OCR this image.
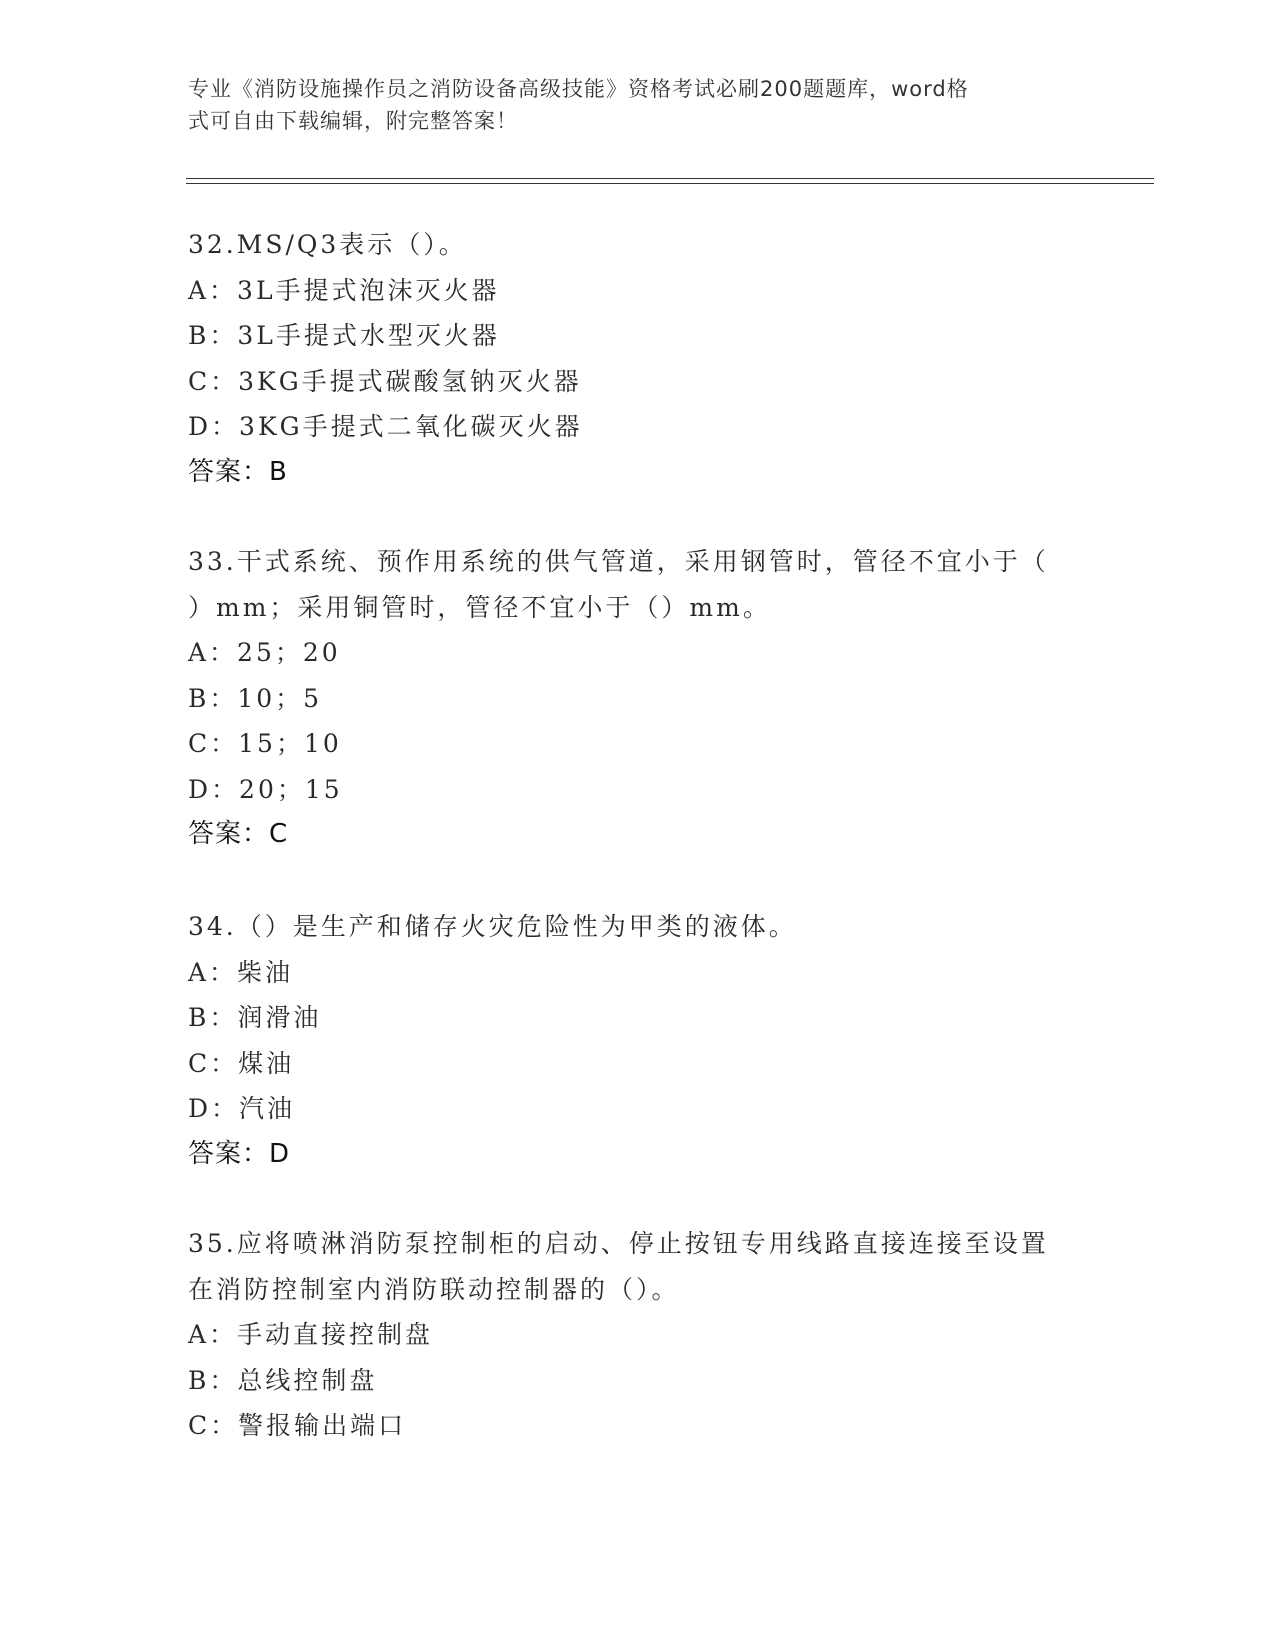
专业《消防设施操作员之消防设备高级技能》资格考试必刷200题题库，word格

式可自由下载编辑，附完整答案！

32.MS/Q3表示（）。

A：3L手提式泡沫灭火器

B：3L手提式水型灭火器

C：3KG手提式碳酸氢钠灭火器

D：3KG手提式二氧化碳灭火器

答案：B

33.干式系统、预作用系统的供气管道，采用钢管时，管径不宜小于（

）mm；采用铜管时，管径不宜小于（）mm。

A：25；20

B：10；5

C：15；10

D：20；15

答案：C

34.（）是生产和储存火灾危险性为甲类的液体。

A：柴油

B：润滑油

C：煤油

D：汽油

答案：D

35.应将喷淋消防泵控制柜的启动、停止按钮专用线路直接连接至设置

在消防控制室内消防联动控制器的（）。

A：手动直接控制盘

B：总线控制盘

C：警报输出端口
